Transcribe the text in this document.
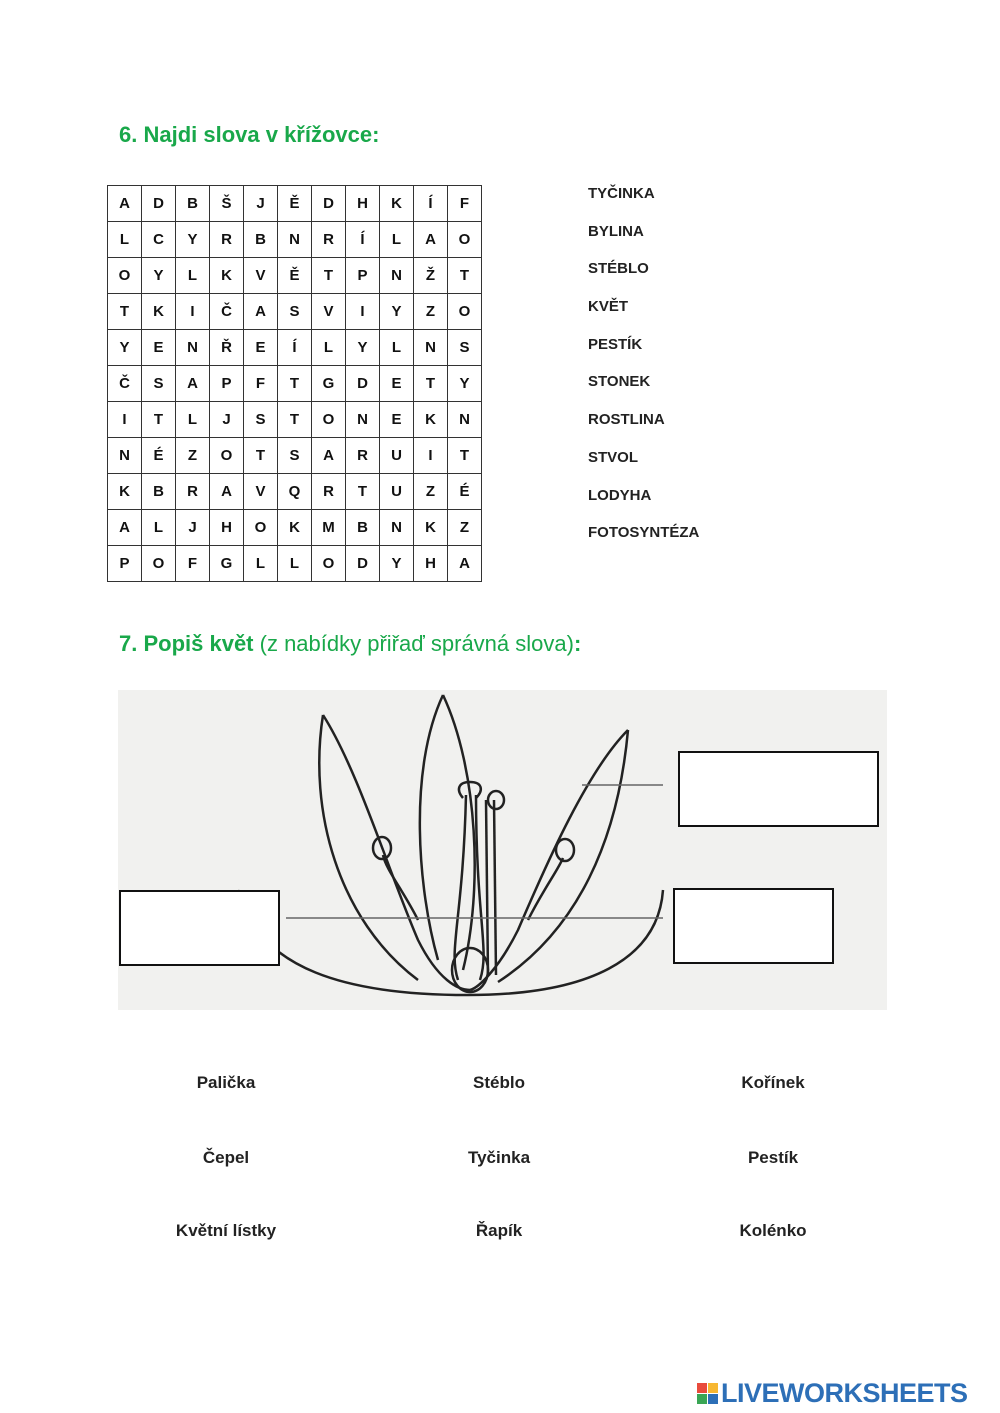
6. Najdi slova v křížovce:
A	D	B	Š	J	Ě	D	H	K	Í	F
L	C	Y	R	B	N	R	Í	L	A	O
O	Y	L	K	V	Ě	T	P	N	Ž	T
T	K	I	Č	A	S	V	I	Y	Z	O
Y	E	N	Ř	E	Í	L	Y	L	N	S
Č	S	A	P	F	T	G	D	E	T	Y
I	T	L	J	S	T	O	N	E	K	N
N	É	Z	O	T	S	A	R	U	I	T
K	B	R	A	V	Q	R	T	U	Z	É
A	L	J	H	O	K	M	B	N	K	Z
P	O	F	G	L	L	O	D	Y	H	A
TYČINKA
BYLINA
STÉBLO
KVĚT
PESTÍK
STONEK
ROSTLINA
STVOL
LODYHA
FOTOSYNTÉZA
7. Popiš květ (z nabídky přiřaď správná slova):
Palička	Stéblo	Kořínek
Čepel	Tyčinka	Pestík
Květní lístky	Řapík	Kolénko
LIVEWORKSHEETS
